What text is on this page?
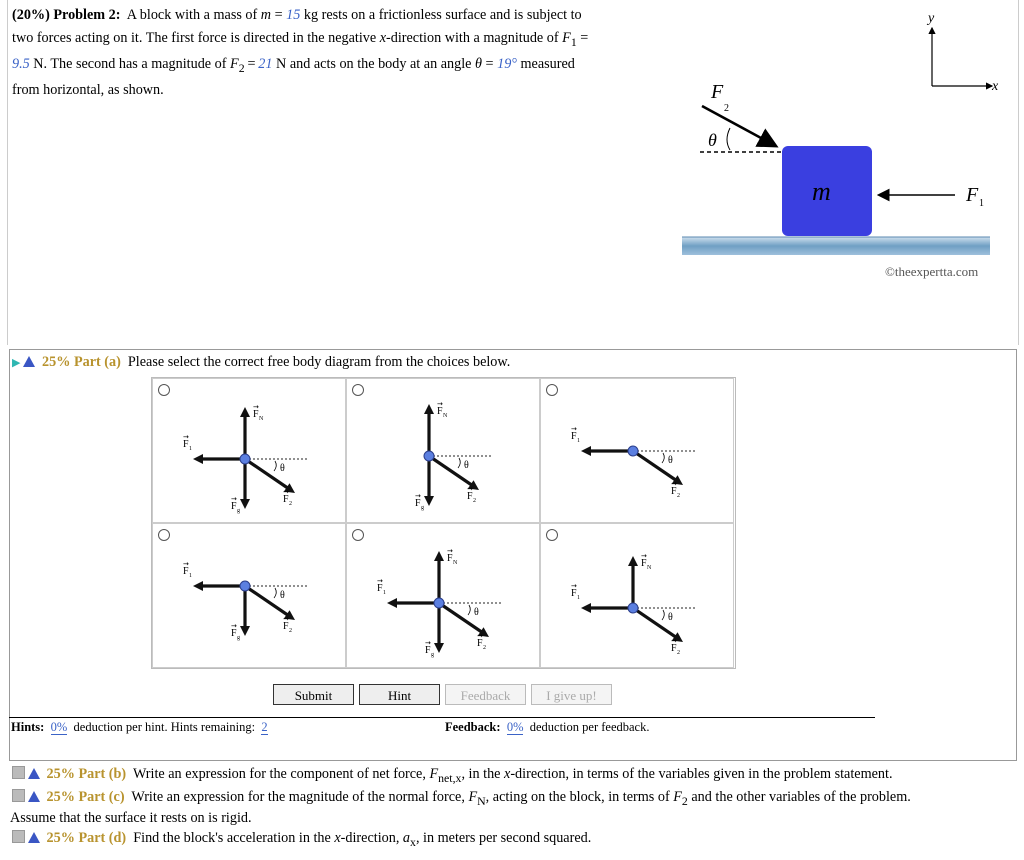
(20%) Problem 2: A block with a mass of m = 15 kg rests on a frictionless surface and is subject to
two forces acting on it. The first force is directed in the negative x-direction with a magnitude of $F_1$ =
9.5 N. The second has a magnitude of $F_2 = 21$ N and acts on the body at an angle θ = 19° measured
from horizontal, as shown.
y
x
m	F 1
F
2
θ
©theexpertta.com
▶ 25% Part (a) Please select the correct free body diagram from the choices below.
F
→
N
F
→
g
F
→
1
F
→
2
θ
F
→
N
F
→
g
F
→
2
θ
F
→
1
F
→
2
θ
F
→
g
F
→
1
F
→
2
θ
F
→
N
F
→
g
F
→
1
F
→
2
θ
F
→
N
F
→
1
F
→
2
θ
Submit	Hint	Feedback	I give up!
Hints: 0% deduction per hint. Hints remaining: 2	Feedback: 0% deduction per feedback.
25% Part (b) Write an expression for the component of net force, $F_{net,x}$, in the x-direction, in terms of the variables given in the problem statement.
25% Part (c) Write an expression for the magnitude of the normal force, $F_N$, acting on the block, in terms of $F_2$ and the other variables of the problem.
Assume that the surface it rests on is rigid.
25% Part (d) Find the block's acceleration in the x-direction, $a_x$, in meters per second squared.
